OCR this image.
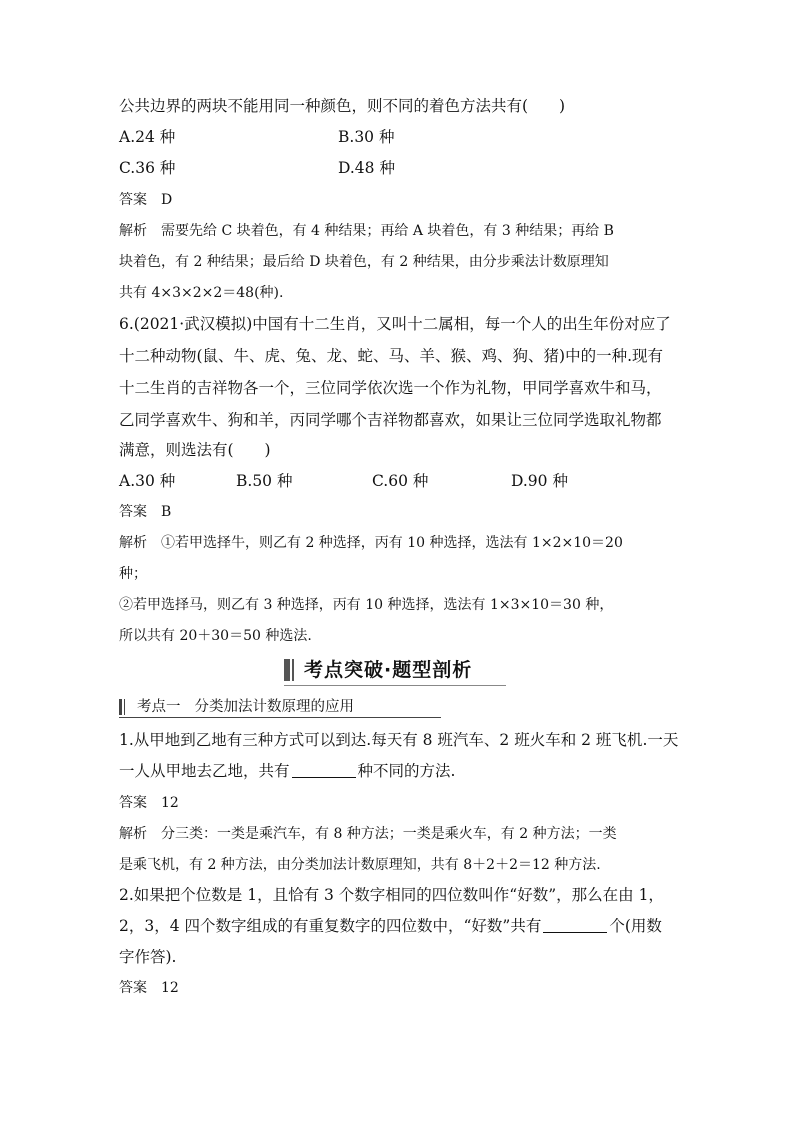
公共边界的两块不能用同一种颜色，则不同的着色方法共有(　　)
A.24 种	B.30 种
C.36 种	D.48 种
答案 D
解析 需要先给 C 块着色，有 4 种结果；再给 A 块着色，有 3 种结果；再给 B
块着色，有 2 种结果；最后给 D 块着色，有 2 种结果，由分步乘法计数原理知
共有 4×3×2×2＝48(种).
6.(2021·武汉模拟)中国有十二生肖，又叫十二属相，每一个人的出生年份对应了
十二种动物(鼠、牛、虎、兔、龙、蛇、马、羊、猴、鸡、狗、猪)中的一种.现有
十二生肖的吉祥物各一个，三位同学依次选一个作为礼物，甲同学喜欢牛和马，
乙同学喜欢牛、狗和羊，丙同学哪个吉祥物都喜欢，如果让三位同学选取礼物都
满意，则选法有(　　)
A.30 种	B.50 种	C.60 种	D.90 种
答案 B
解析 ①若甲选择牛，则乙有 2 种选择，丙有 10 种选择，选法有 1×2×10＝20
种；
②若甲选择马，则乙有 3 种选择，丙有 10 种选择，选法有 1×3×10＝30 种，
所以共有 20＋30＝50 种选法.
考点突破·题型剖析
考点一 分类加法计数原理的应用
1.从甲地到乙地有三种方式可以到达.每天有 8 班汽车、2 班火车和 2 班飞机.一天
一人从甲地去乙地，共有	种不同的方法.
答案 12
解析 分三类：一类是乘汽车，有 8 种方法；一类是乘火车，有 2 种方法；一类
是乘飞机，有 2 种方法，由分类加法计数原理知，共有 8＋2＋2＝12 种方法.
2.如果把个位数是 1，且恰有 3 个数字相同的四位数叫作“好数”，那么在由 1，
2，3，4 四个数字组成的有重复数字的四位数中，“好数”共有	个(用数
字作答).
答案 12
